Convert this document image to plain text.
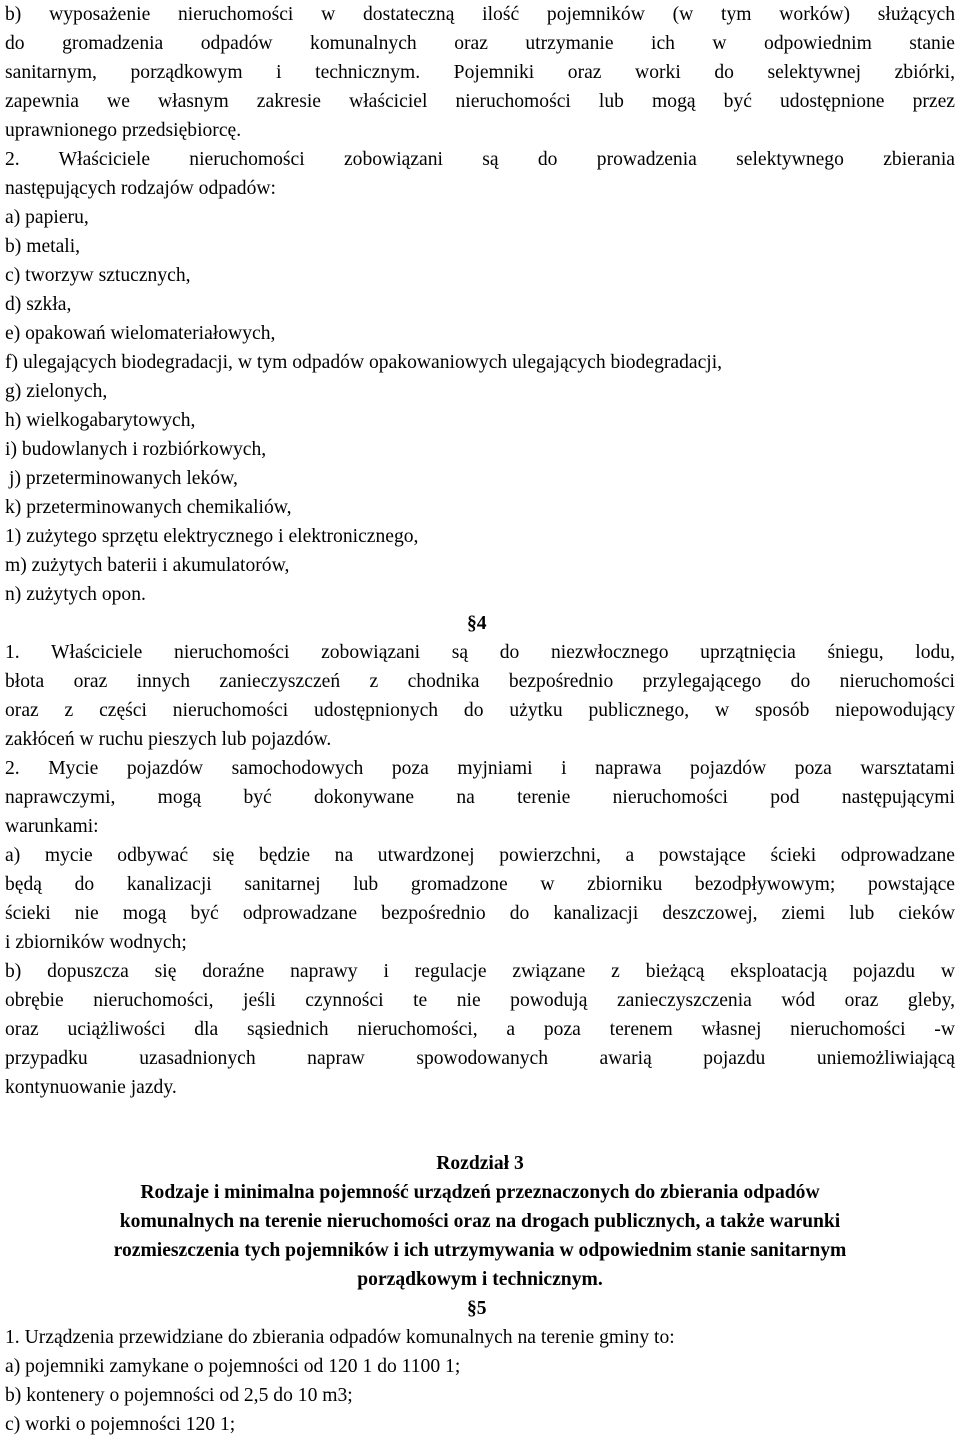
b) wyposażenie nieruchomości w dostateczną ilość pojemników (w tym worków) służących
do gromadzenia odpadów komunalnych oraz utrzymanie ich w odpowiednim stanie
sanitarnym, porządkowym i technicznym. Pojemniki oraz worki do selektywnej zbiórki,
zapewnia we własnym zakresie właściciel nieruchomości lub mogą być udostępnione przez
uprawnionego przedsiębiorcę.
2. Właściciele nieruchomości zobowiązani są do prowadzenia selektywnego zbierania
następujących rodzajów odpadów:
a) papieru,
b) metali,
c) tworzyw sztucznych,
d) szkła,
e) opakowań wielomateriałowych,
f) ulegających biodegradacji, w tym odpadów opakowaniowych ulegających biodegradacji,
g) zielonych,
h) wielkogabarytowych,
i) budowlanych i rozbiórkowych,
j) przeterminowanych leków,
k) przeterminowanych chemikaliów,
1) zużytego sprzętu elektrycznego i elektronicznego,
m) zużytych baterii i akumulatorów,
n) zużytych opon.
§4
1. Właściciele nieruchomości zobowiązani są do niezwłocznego uprzątnięcia śniegu, lodu,
błota oraz innych zanieczyszczeń z chodnika bezpośrednio przylegającego do nieruchomości
oraz z części nieruchomości udostępnionych do użytku publicznego, w sposób niepowodujący
zakłóceń w ruchu pieszych lub pojazdów.
2. Mycie pojazdów samochodowych poza myjniami i naprawa pojazdów poza warsztatami
naprawczymi, mogą być dokonywane na terenie nieruchomości pod następującymi
warunkami:
a) mycie odbywać się będzie na utwardzonej powierzchni, a powstające ścieki odprowadzane
będą do kanalizacji sanitarnej lub gromadzone w zbiorniku bezodpływowym; powstające
ścieki nie mogą być odprowadzane bezpośrednio do kanalizacji deszczowej, ziemi lub cieków
i zbiorników wodnych;
b) dopuszcza się doraźne naprawy i regulacje związane z bieżącą eksploatacją pojazdu w
obrębie nieruchomości, jeśli czynności te nie powodują zanieczyszczenia wód oraz gleby,
oraz uciążliwości dla sąsiednich nieruchomości, a poza terenem własnej nieruchomości -w
przypadku uzasadnionych napraw spowodowanych awarią pojazdu uniemożliwiającą
kontynuowanie jazdy.
Rozdział 3
Rodzaje i minimalna pojemność urządzeń przeznaczonych do zbierania odpadów
komunalnych na terenie nieruchomości oraz na drogach publicznych, a także warunki
rozmieszczenia tych pojemników i ich utrzymywania w odpowiednim stanie sanitarnym
porządkowym i technicznym.
§5
1. Urządzenia przewidziane do zbierania odpadów komunalnych na terenie gminy to:
a) pojemniki zamykane o pojemności od 120 1 do 1100 1;
b) kontenery o pojemności od 2,5 do 10 m3;
c) worki o pojemności 120 1;
